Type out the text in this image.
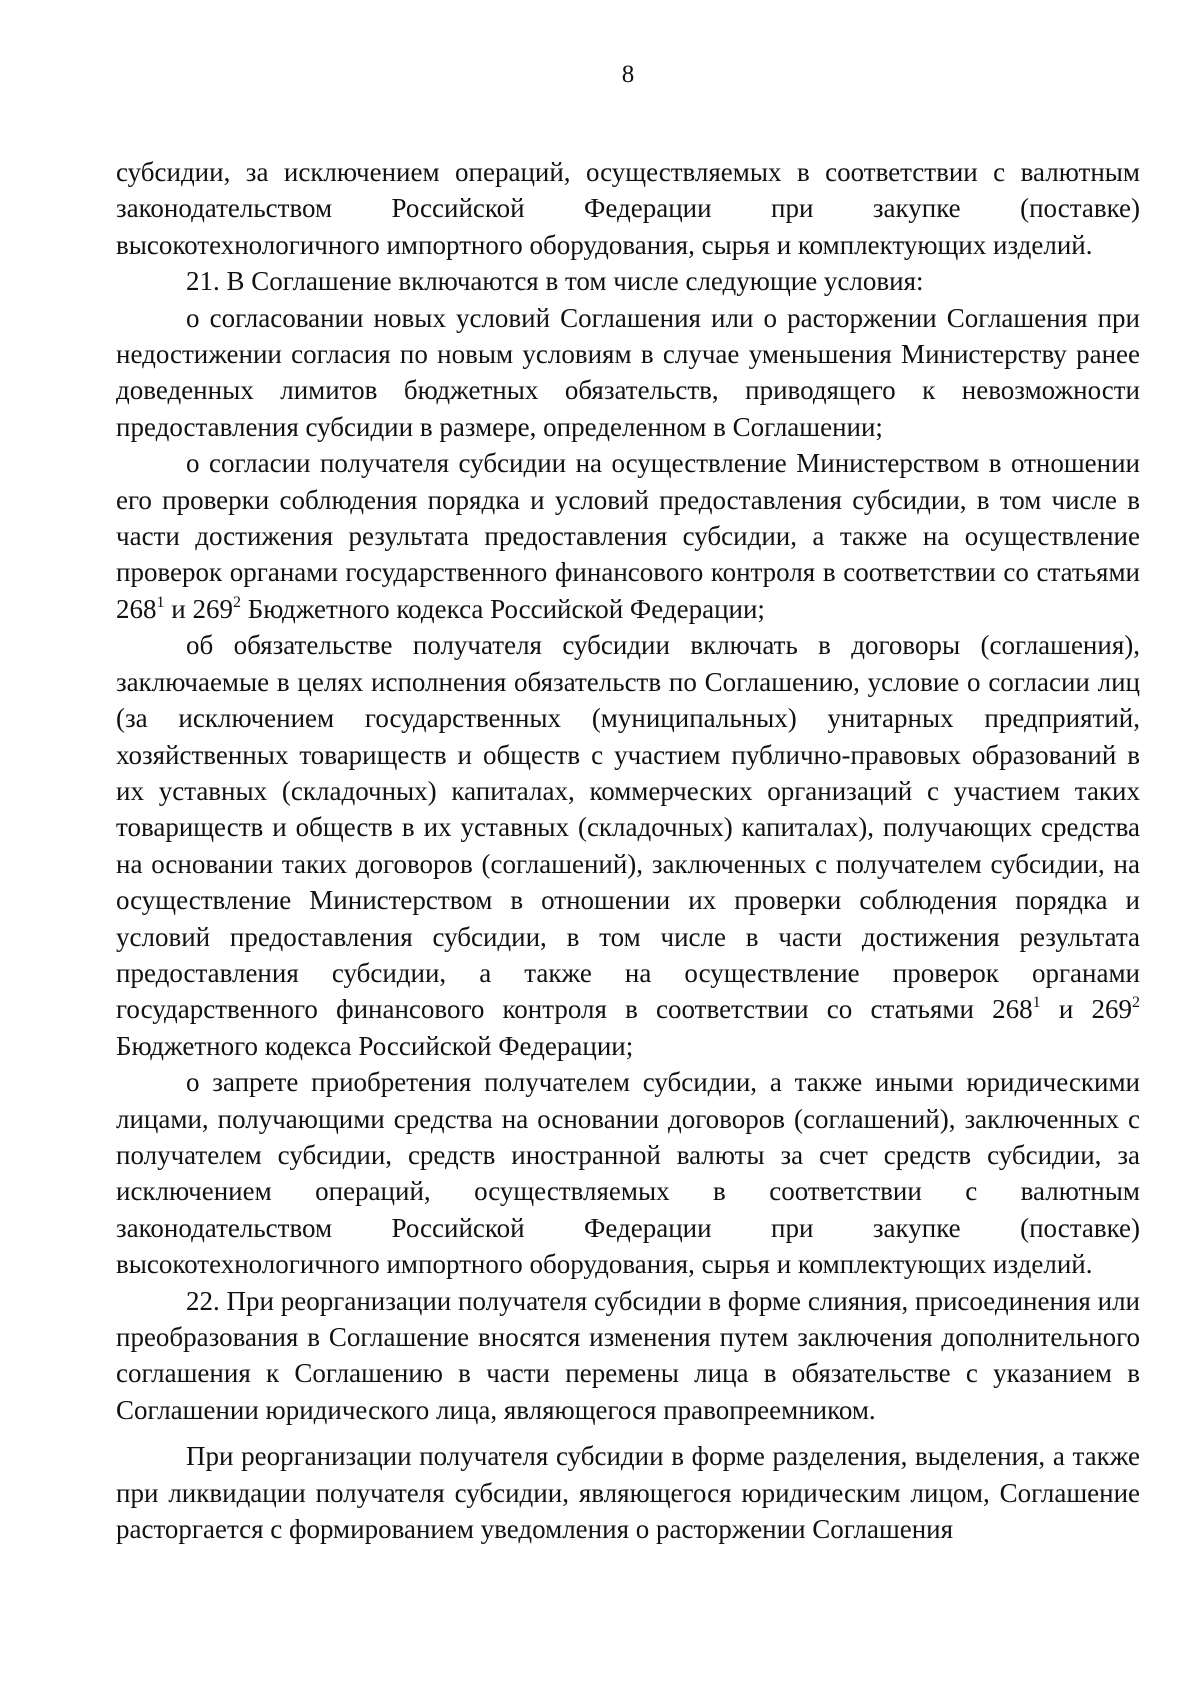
8

субсидии, за исключением операций, осуществляемых в соответствии с валютным законодательством Российской Федерации при закупке (поставке) высокотехнологичного импортного оборудования, сырья и комплектующих изделий.

21. В Соглашение включаются в том числе следующие условия:

о согласовании новых условий Соглашения или о расторжении Соглашения при недостижении согласия по новым условиям в случае уменьшения Министерству ранее доведенных лимитов бюджетных обязательств, приводящего к невозможности предоставления субсидии в размере, определенном в Соглашении;

о согласии получателя субсидии на осуществление Министерством в отношении его проверки соблюдения порядка и условий предоставления субсидии, в том числе в части достижения результата предоставления субсидии, а также на осуществление проверок органами государственного финансового контроля в соответствии со статьями $268^1$ и $269^2$ Бюджетного кодекса Российской Федерации;

об обязательстве получателя субсидии включать в договоры (соглашения), заключаемые в целях исполнения обязательств по Соглашению, условие о согласии лиц (за исключением государственных (муниципальных) унитарных предприятий, хозяйственных товариществ и обществ с участием публично-правовых образований в их уставных (складочных) капиталах, коммерческих организаций с участием таких товариществ и обществ в их уставных (складочных) капиталах), получающих средства на основании таких договоров (соглашений), заключенных с получателем субсидии, на осуществление Министерством в отношении их проверки соблюдения порядка и условий предоставления субсидии, в том числе в части достижения результата предоставления субсидии, а также на осуществление проверок органами государственного финансового контроля в соответствии со статьями $268^1$ и $269^2$ Бюджетного кодекса Российской Федерации;

о запрете приобретения получателем субсидии, а также иными юридическими лицами, получающими средства на основании договоров (соглашений), заключенных с получателем субсидии, средств иностранной валюты за счет средств субсидии, за исключением операций, осуществляемых в соответствии с валютным законодательством Российской Федерации при закупке (поставке) высокотехнологичного импортного оборудования, сырья и комплектующих изделий.

22. При реорганизации получателя субсидии в форме слияния, присоединения или преобразования в Соглашение вносятся изменения путем заключения дополнительного соглашения к Соглашению в части перемены лица в обязательстве с указанием в Соглашении юридического лица, являющегося правопреемником.

При реорганизации получателя субсидии в форме разделения, выделения, а также при ликвидации получателя субсидии, являющегося юридическим лицом, Соглашение расторгается с формированием уведомления о расторжении Соглашения
